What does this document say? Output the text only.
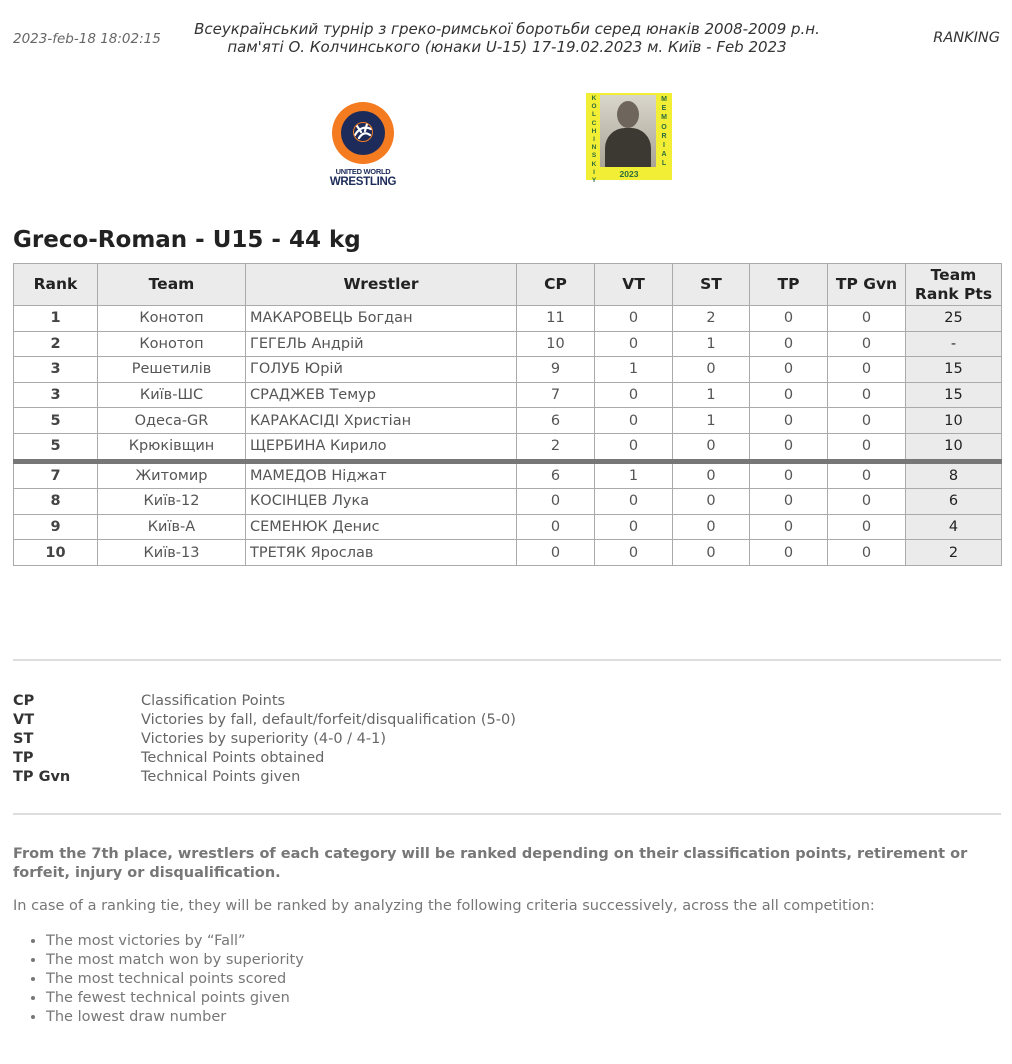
2023-feb-18 18:02:15
Всеукраїнський турнір з греко-римської боротьби серед юнаків 2008-2009 р.н.
пам'яті О. Колчинського (юнаки U-15) 17-19.02.2023 м. Київ - Feb 2023	RANKING
UNITED WORLD
WRESTLING
K
O
L
C
H
I
N
S
K
I
Y
M
E
M
O
R
I
A
L
2023
Greco-Roman - U15 - 44 kg
Rank	Team	Wrestler	CP	VT	ST	TP	TP Gvn	Team
Rank Pts

1	Конотоп	МАКАРОВЕЦЬ Богдан	11	0	2	0	0	25
2	Конотоп	ГЕГЕЛЬ Андрій	10	0	1	0	0	-
3	Решетилів	ГОЛУБ Юрій	9	1	0	0	0	15
3	Київ-ШС	СРАДЖЕВ Темур	7	0	1	0	0	15
5	Одеса-GR	КАРАКАСІДІ Христіан	6	0	1	0	0	10
5	Крюківщин	ЩЕРБИНА Кирило	2	0	0	0	0	10
7	Житомир	МАМЕДОВ Ніджат	6	1	0	0	0	8
8	Київ-12	КОСІНЦЕВ Лука	0	0	0	0	0	6
9	Київ-А	СЕМЕНЮК Денис	0	0	0	0	0	4
10	Київ-13	ТРЕТЯК Ярослав	0	0	0	0	0	2
CP	Classification Points
VT	Victories by fall, default/forfeit/disqualification (5-0)
ST	Victories by superiority (4-0 / 4-1)
TP	Technical Points obtained
TP Gvn	Technical Points given
From the 7th place, wrestlers of each category will be ranked depending on their classification points, retirement or forfeit, injury or disqualification.
In case of a ranking tie, they will be ranked by analyzing the following criteria successively, across the all competition:
• The most victories by “Fall”
• The most match won by superiority
• The most technical points scored
• The fewest technical points given
• The lowest draw number
